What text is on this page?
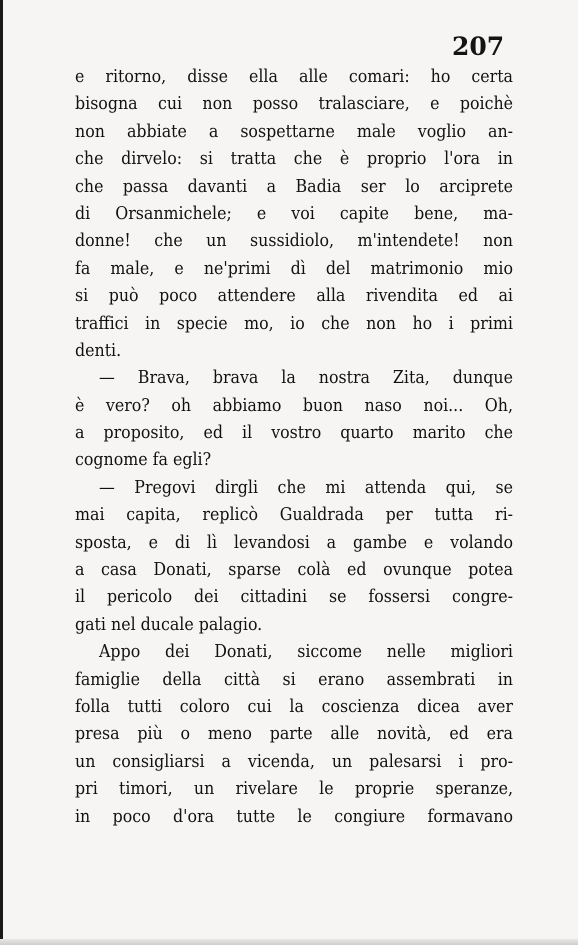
207
e ritorno, disse ella alle comari: ho certa
bisogna cui non posso tralasciare, e poichè
non abbiate a sospettarne male voglio an-
che dirvelo: si tratta che è proprio l'ora in
che passa davanti a Badia ser lo arciprete
di Orsanmichele; e voi capite bene, ma-
donne! che un sussidiolo, m'intendete! non
fa male, e ne'primi dì del matrimonio mio
si può poco attendere alla rivendita ed ai
traffici in specie mo, io che non ho i primi
denti.
— Brava, brava la nostra Zita, dunque
è vero? oh abbiamo buon naso noi... Oh,
a proposito, ed il vostro quarto marito che
cognome fa egli?
— Pregovi dirgli che mi attenda qui, se
mai capita, replicò Gualdrada per tutta ri-
sposta, e di lì levandosi a gambe e volando
a casa Donati, sparse colà ed ovunque potea
il pericolo dei cittadini se fossersi congre-
gati nel ducale palagio.
Appo dei Donati, siccome nelle migliori
famiglie della città si erano assembrati in
folla tutti coloro cui la coscienza dicea aver
presa più o meno parte alle novità, ed era
un consigliarsi a vicenda, un palesarsi i pro-
pri timori, un rivelare le proprie speranze,
in poco d'ora tutte le congiure formavano
